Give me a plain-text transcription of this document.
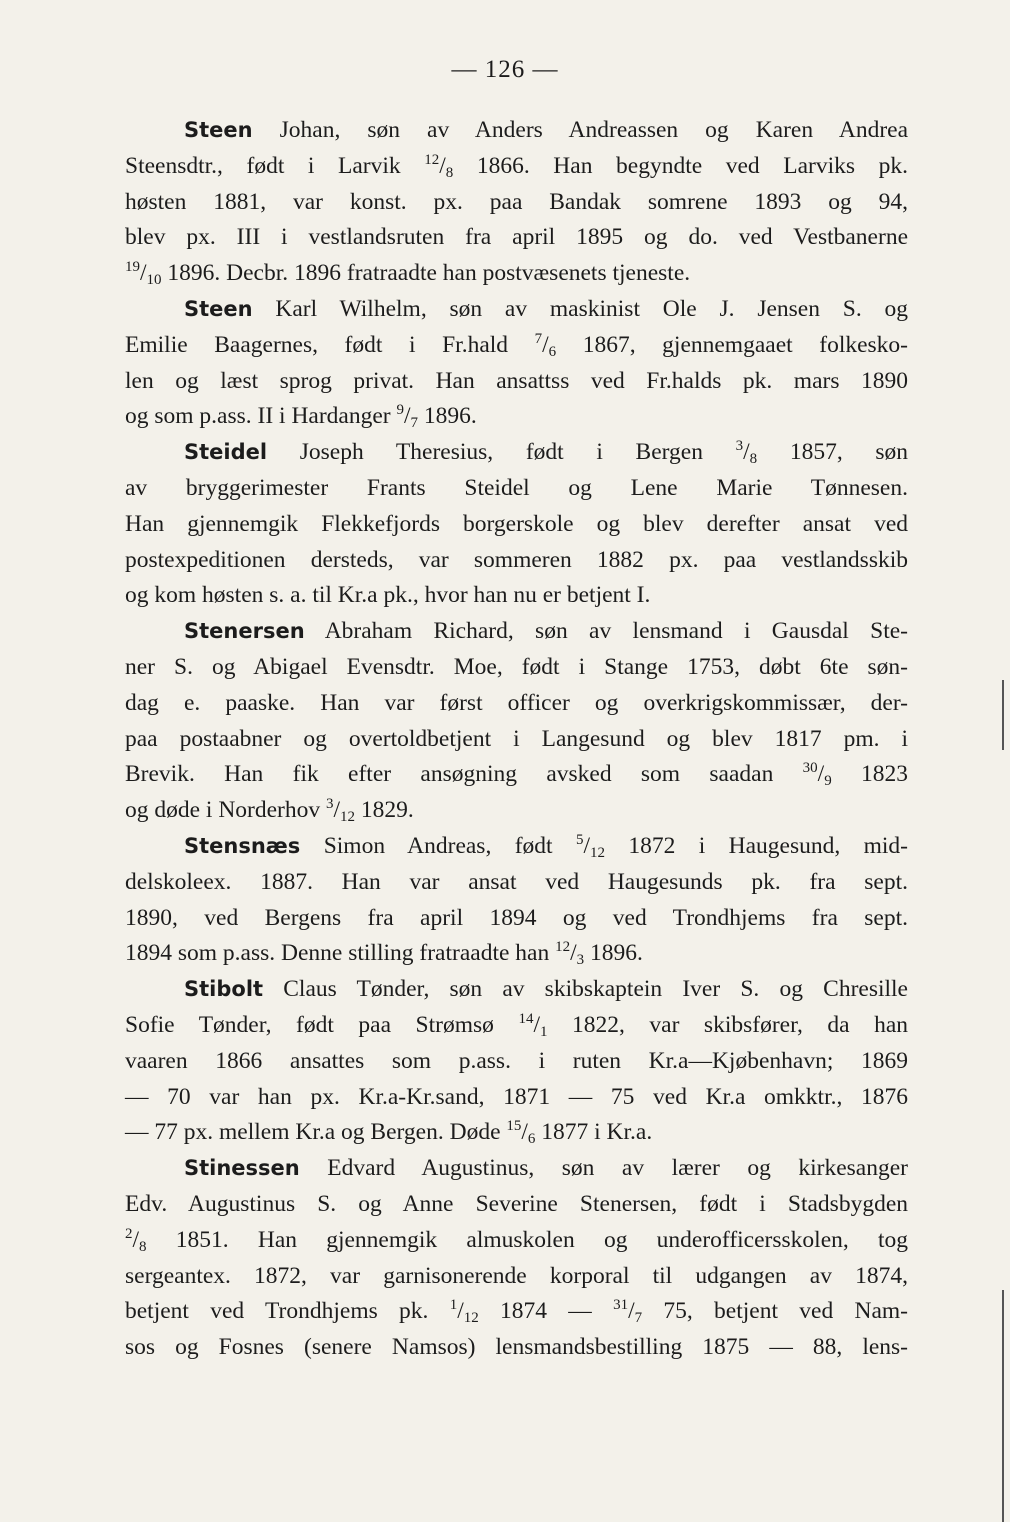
— 126 —
Steen Johan, søn av Anders Andreassen og Karen Andrea
Steensdtr., født i Larvik $^{12}/_8$ 1866. Han begyndte ved Larviks pk.
høsten 1881, var konst. px. paa Bandak somrene 1893 og 94,
blev px. III i vestlandsruten fra april 1895 og do. ved Vestbanerne
$^{19}/_{10}$ 1896. Decbr. 1896 fratraadte han postvæsenets tjeneste.
Steen Karl Wilhelm, søn av maskinist Ole J. Jensen S. og
Emilie Baagernes, født i Fr.hald $^7/_6$ 1867, gjennemgaaet folkesko-
len og læst sprog privat. Han ansattss ved Fr.halds pk. mars 1890
og som p.ass. II i Hardanger $^9/_7$ 1896.
Steidel Joseph Theresius, født i Bergen $^3/_8$ 1857, søn
av bryggerimester Frants Steidel og Lene Marie Tønnesen.
Han gjennemgik Flekkefjords borgerskole og blev derefter ansat ved
postexpeditionen dersteds, var sommeren 1882 px. paa vestlandsskib
og kom høsten s. a. til Kr.a pk., hvor han nu er betjent I.
Stenersen Abraham Richard, søn av lensmand i Gausdal Ste-
ner S. og Abigael Evensdtr. Moe, født i Stange 1753, døbt 6te søn-
dag e. paaske. Han var først officer og overkrigskommissær, der-
paa postaabner og overtoldbetjent i Langesund og blev 1817 pm. i
Brevik. Han fik efter ansøgning avsked som saadan $^{30}/_9$ 1823
og døde i Norderhov $^3/_{12}$ 1829.
Stensnæs Simon Andreas, født $^5/_{12}$ 1872 i Haugesund, mid-
delskoleex. 1887. Han var ansat ved Haugesunds pk. fra sept.
1890, ved Bergens fra april 1894 og ved Trondhjems fra sept.
1894 som p.ass. Denne stilling fratraadte han $^{12}/_3$ 1896.
Stibolt Claus Tønder, søn av skibskaptein Iver S. og Chresille
Sofie Tønder, født paa Strømsø $^{14}/_1$ 1822, var skibsfører, da han
vaaren 1866 ansattes som p.ass. i ruten Kr.a—Kjøbenhavn; 1869
— 70 var han px. Kr.a-Kr.sand, 1871 — 75 ved Kr.a omkktr., 1876
— 77 px. mellem Kr.a og Bergen. Døde $^{15}/_6$ 1877 i Kr.a.
Stinessen Edvard Augustinus, søn av lærer og kirkesanger
Edv. Augustinus S. og Anne Severine Stenersen, født i Stadsbygden
$^2/_8$ 1851. Han gjennemgik almuskolen og underofficersskolen, tog
sergeantex. 1872, var garnisonerende korporal til udgangen av 1874,
betjent ved Trondhjems pk. $^1/_{12}$ 1874 — $^{31}/_7$ 75, betjent ved Nam-
sos og Fosnes (senere Namsos) lensmandsbestilling 1875 — 88, lens-
